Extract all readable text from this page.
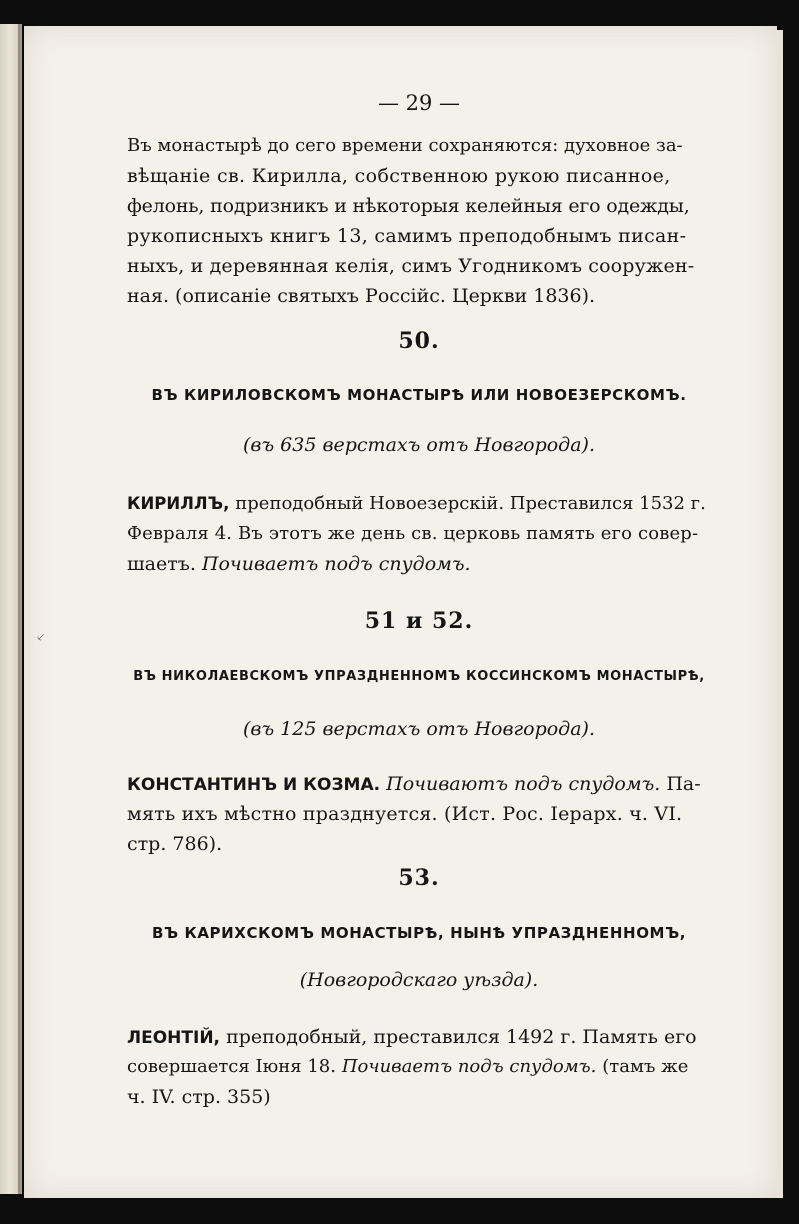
⸔
— 29 —
Въ монастырѣ до сего времени сохраняются: духовное за-
вѣщаніе св. Кирилла, собственною рукою писанное,
фелонь, подризникъ и нѣкоторыя келейныя его одежды,
рукописныхъ книгъ 13, самимъ преподобнымъ писан-
ныхъ, и деревянная келія, симъ Угодникомъ сооружен-
ная. (описаніе святыхъ Россійс. Церкви 1836).
50.
ВЪ КИРИЛОВСКОМЪ МОНАСТЫРѢ ИЛИ НОВОЕЗЕРСКОМЪ.
(въ 635 верстахъ отъ Новгорода).
КИРИЛЛЪ, преподобный Новоезерскій. Преставился 1532 г.
Февраля 4. Въ этотъ же день св. церковь память его совер-
шаетъ. Почиваетъ подъ спудомъ.
51 и 52.
ВЪ НИКОЛАЕВСКОМЪ УПРАЗДНЕННОМЪ КОССИНСКОМЪ МОНАСТЫРѢ,
(въ 125 верстахъ отъ Новгорода).
КОНСТАНТИНЪ И КОЗМА. Почиваютъ подъ спудомъ. Па-
мять ихъ мѣстно празднуется. (Ист. Рос. Іерарх. ч. VI.
стр. 786).
53.
ВЪ КАРИХСКОМЪ МОНАСТЫРѢ, НЫНѢ УПРАЗДНЕННОМЪ,
(Новгородскаго уѣзда).
ЛЕОНТІЙ, преподобный, преставился 1492 г. Память его
совершается Іюня 18. Почиваетъ подъ спудомъ. (тамъ же
ч. IV. стр. 355)
